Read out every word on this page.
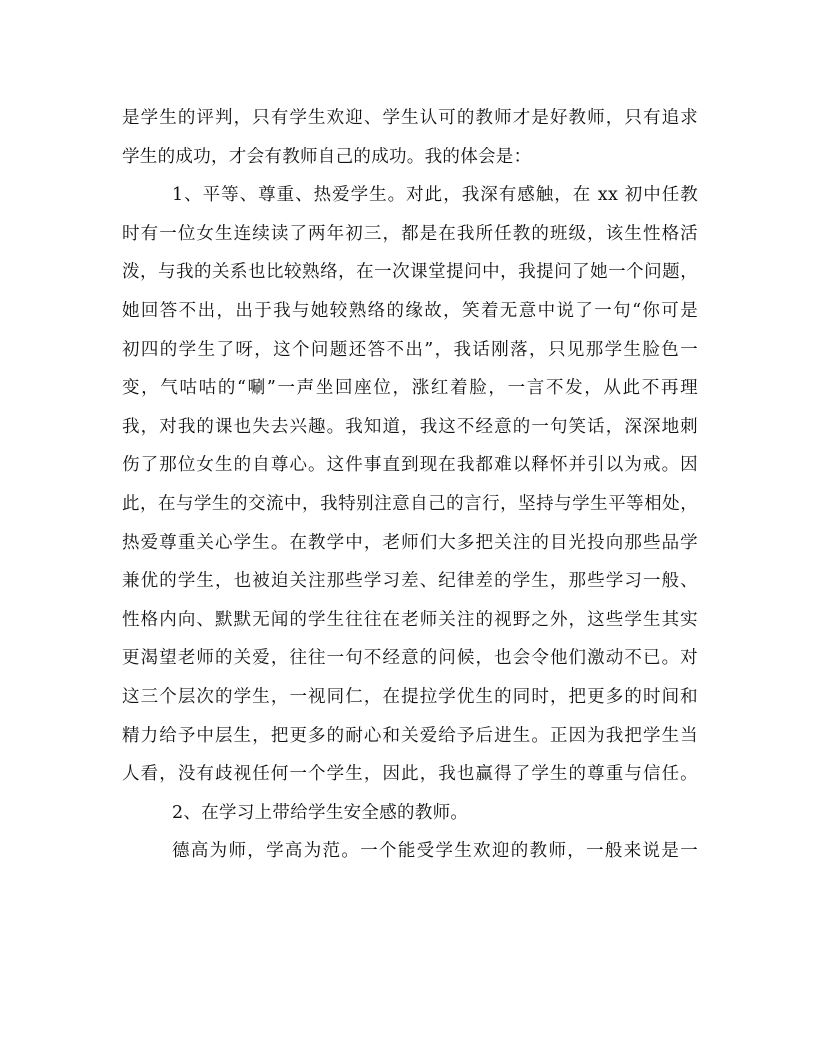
是学生的评判，只有学生欢迎、学生认可的教师才是好教师，只有追求
学生的成功，才会有教师自己的成功。我的体会是：
1、平等、尊重、热爱学生。对此，我深有感触，在 xx 初中任教
时有一位女生连续读了两年初三，都是在我所任教的班级，该生性格活
泼，与我的关系也比较熟络，在一次课堂提问中，我提问了她一个问题，
她回答不出，出于我与她较熟络的缘故，笑着无意中说了一句“你可是
初四的学生了呀，这个问题还答不出”，我话刚落，只见那学生脸色一
变，气咕咕的“唰”一声坐回座位，涨红着脸，一言不发，从此不再理
我，对我的课也失去兴趣。我知道，我这不经意的一句笑话，深深地刺
伤了那位女生的自尊心。这件事直到现在我都难以释怀并引以为戒。因
此，在与学生的交流中，我特别注意自己的言行，坚持与学生平等相处，
热爱尊重关心学生。在教学中，老师们大多把关注的目光投向那些品学
兼优的学生，也被迫关注那些学习差、纪律差的学生，那些学习一般、
性格内向、默默无闻的学生往往在老师关注的视野之外，这些学生其实
更渴望老师的关爱，往往一句不经意的问候，也会令他们激动不已。对
这三个层次的学生，一视同仁，在提拉学优生的同时，把更多的时间和
精力给予中层生，把更多的耐心和关爱给予后进生。正因为我把学生当
人看，没有歧视任何一个学生，因此，我也赢得了学生的尊重与信任。
2、在学习上带给学生安全感的教师。
德高为师，学高为范。一个能受学生欢迎的教师，一般来说是一
